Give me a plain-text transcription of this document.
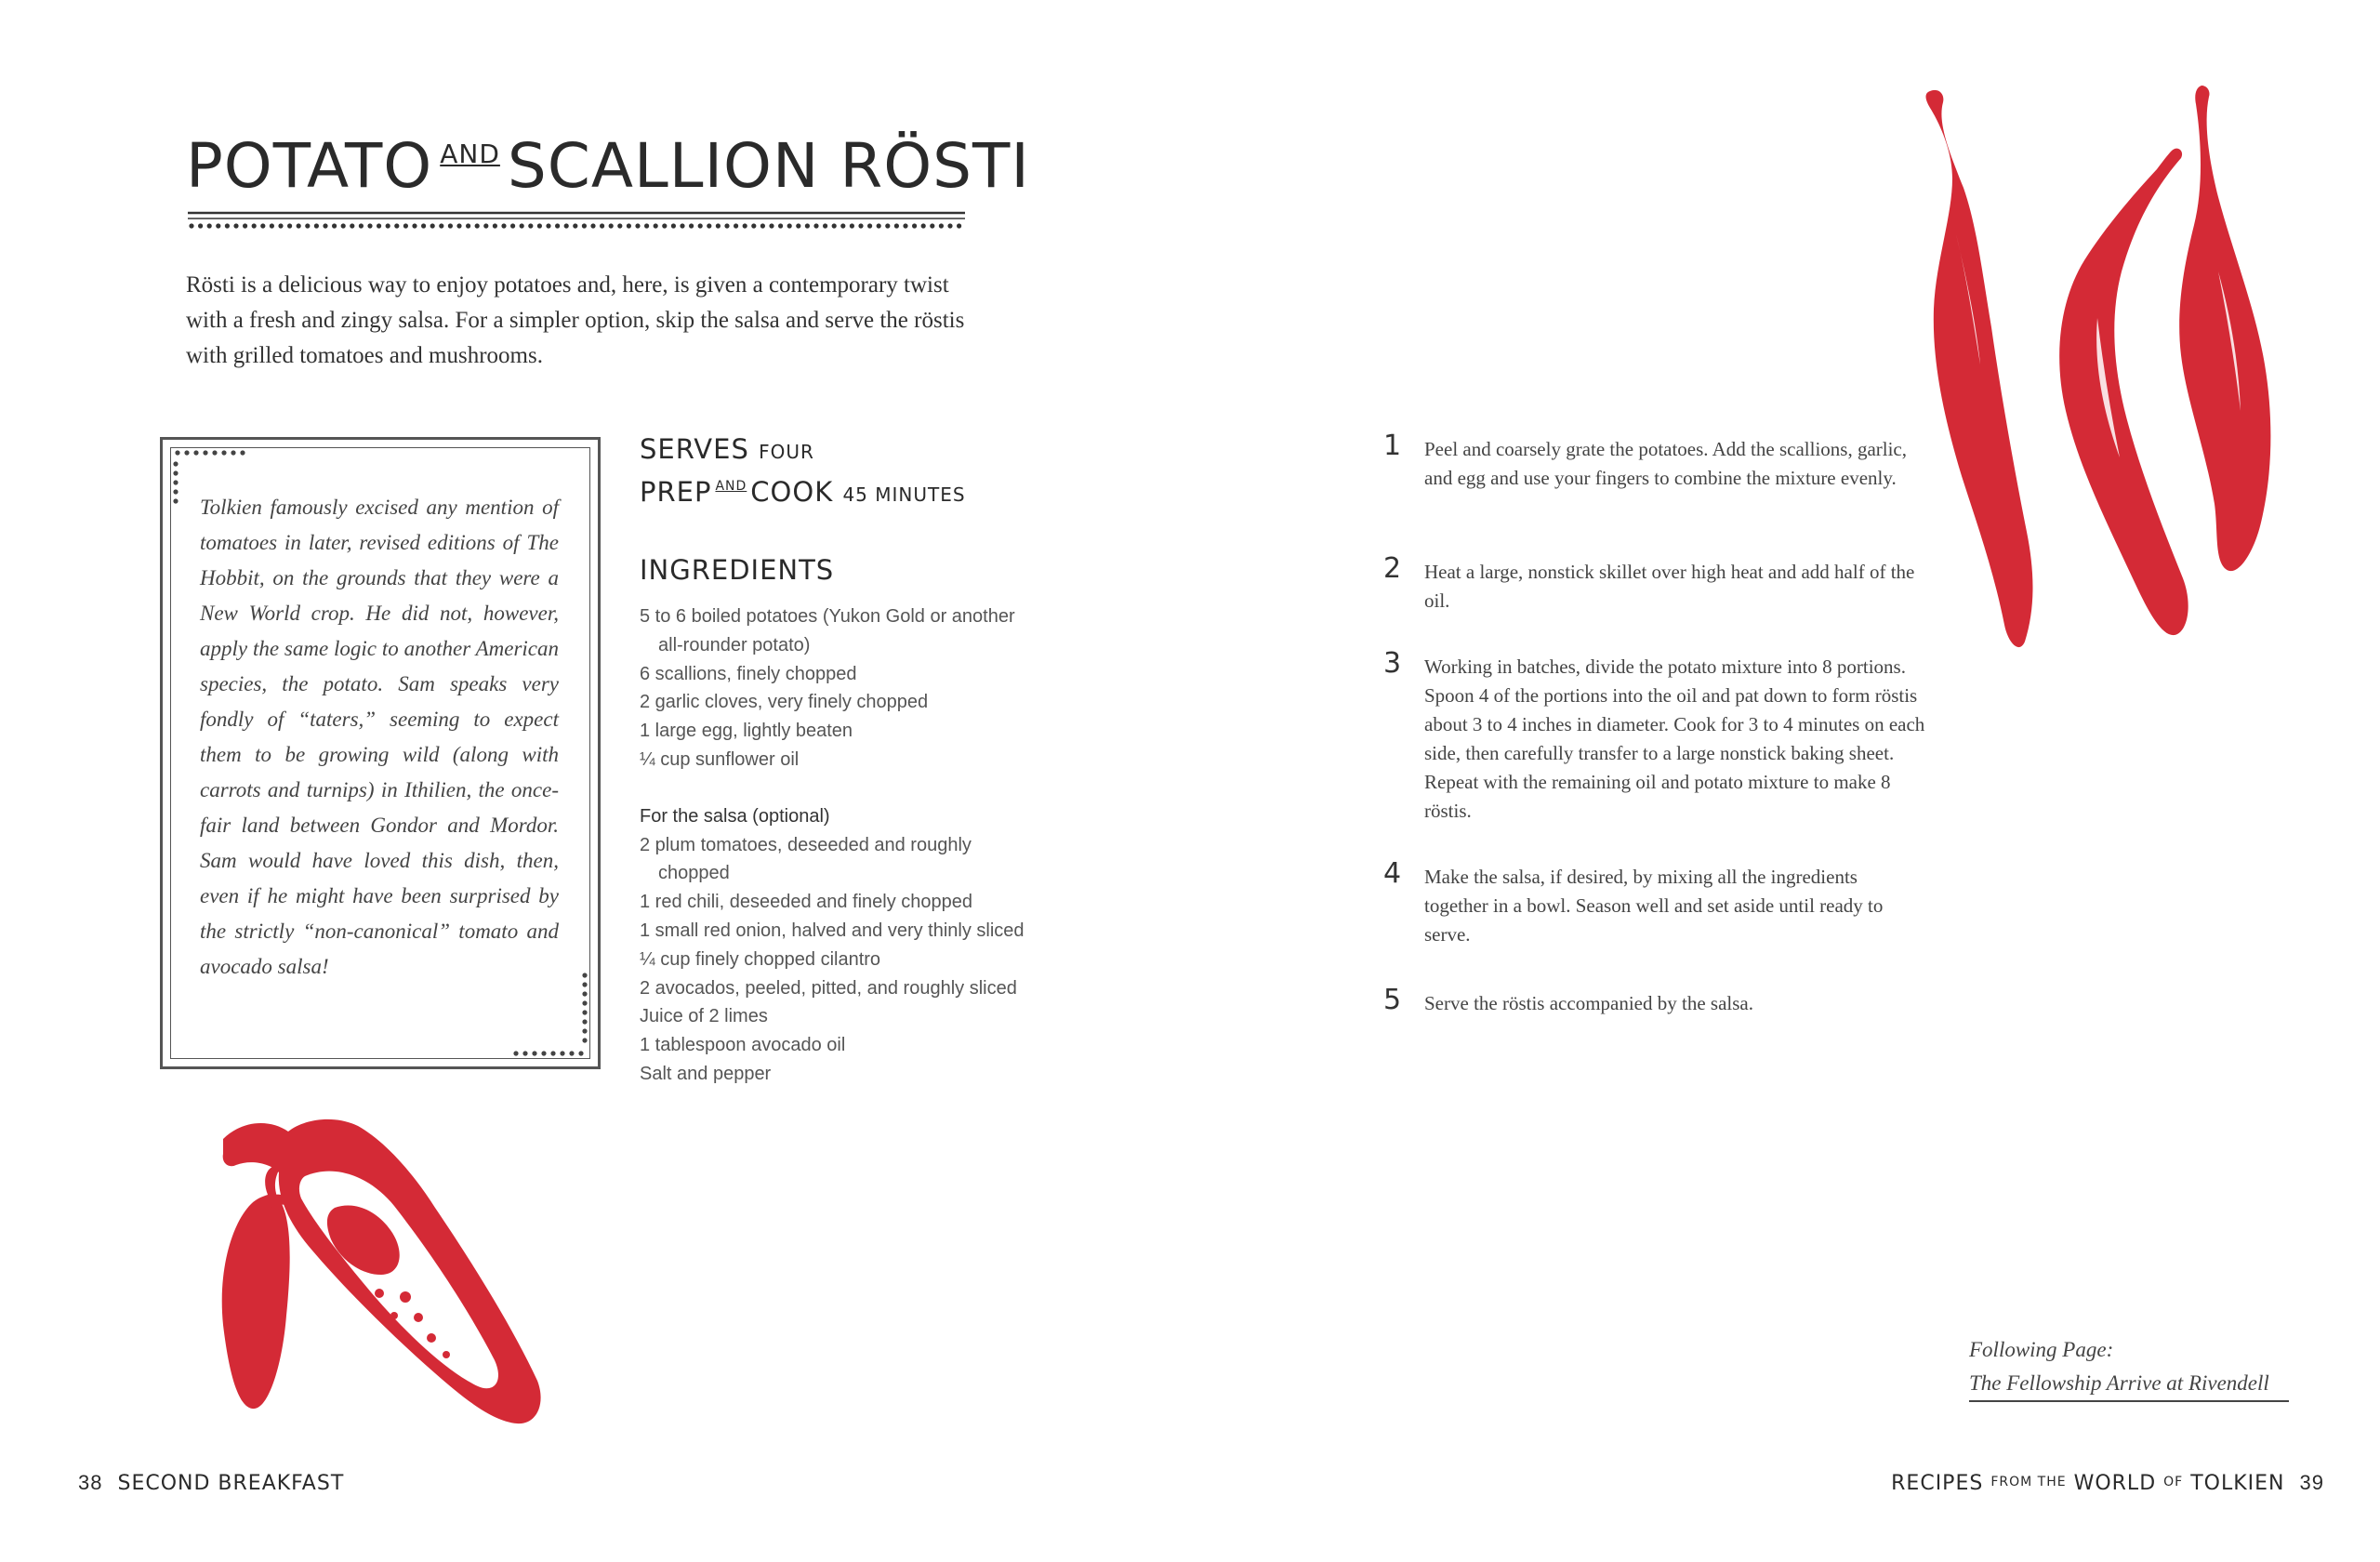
POTATO $^{AND}$ SCALLION RÖSTI
Rösti is a delicious way to enjoy potatoes and, here, is given a contemporary twist with a fresh and zingy salsa. For a simpler option, skip the salsa and serve the röstis with grilled tomatoes and mushrooms.
Tolkien famously excised any mention of tomatoes in later, revised editions of The Hobbit, on the grounds that they were a New World crop. He did not, however, apply the same logic to another American species, the potato. Sam speaks very fondly of “taters,” seeming to expect them to be growing wild (along with carrots and turnips) in Ithilien, the once-fair land between Gondor and Mordor. Sam would have loved this dish, then, even if he might have been surprised by the strictly “non-canonical” tomato and avocado salsa!
SERVES FOUR
PREP $^{AND}$ COOK 45 MINUTES
INGREDIENTS
5 to 6 boiled potatoes (Yukon Gold or another all-rounder potato)
6 scallions, finely chopped
2 garlic cloves, very finely chopped
1 large egg, lightly beaten
¼ cup sunflower oil
For the salsa (optional)
2 plum tomatoes, deseeded and roughly chopped
1 red chili, deseeded and finely chopped
1 small red onion, halved and very thinly sliced
¼ cup finely chopped cilantro
2 avocados, peeled, pitted, and roughly sliced
Juice of 2 limes
1 tablespoon avocado oil
Salt and pepper
38 SECOND BREAKFAST
1 Peel and coarsely grate the potatoes. Add the scallions, garlic, and egg and use your fingers to combine the mixture evenly.
2 Heat a large, nonstick skillet over high heat and add half of the oil.
3 Working in batches, divide the potato mixture into 8 portions. Spoon 4 of the portions into the oil and pat down to form röstis about 3 to 4 inches in diameter. Cook for 3 to 4 minutes on each side, then carefully transfer to a large nonstick baking sheet. Repeat with the remaining oil and potato mixture to make 8 röstis.
4 Make the salsa, if desired, by mixing all the ingredients together in a bowl. Season well and set aside until ready to serve.
5 Serve the röstis accompanied by the salsa.
Following Page:
The Fellowship Arrive at Rivendell
RECIPES FROM THE WORLD OF TOLKIEN 39
